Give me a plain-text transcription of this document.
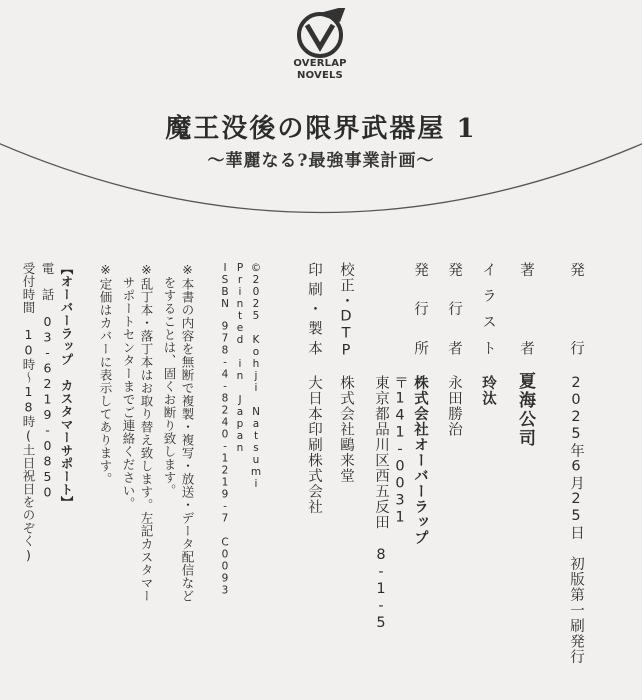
OVERLAP
NOVELS
魔王没後の限界武器屋 1
〜華麗なる?最強事業計画〜
発行
2025年6月25日　初版第一刷発行
著者
夏海公司
イラスト
玲汰
発行者
永田勝治
発行所
株式会社オーバーラップ
〒141-0031
東京都品川区西五反田 8-1-5
校正・DTP
株式会社鷗来堂
印刷・製本
大日本印刷株式会社
©2025 Kohji Natsumi
Printed in Japan
ISBN　978-4-8240-1219-7 C0093
※本書の内容を無断で複製・複写・放送・データ配信など
をすることは、固くお断り致します。
※乱丁本・落丁本はお取り替え致します。左記カスタマー
サポートセンターまでご連絡ください。
※定価はカバーに表示してあります。
【オーバーラップ　カスタマーサポート】
電　話　03-6219-0850
受付時間　10時〜18時(土日祝日をのぞく)
